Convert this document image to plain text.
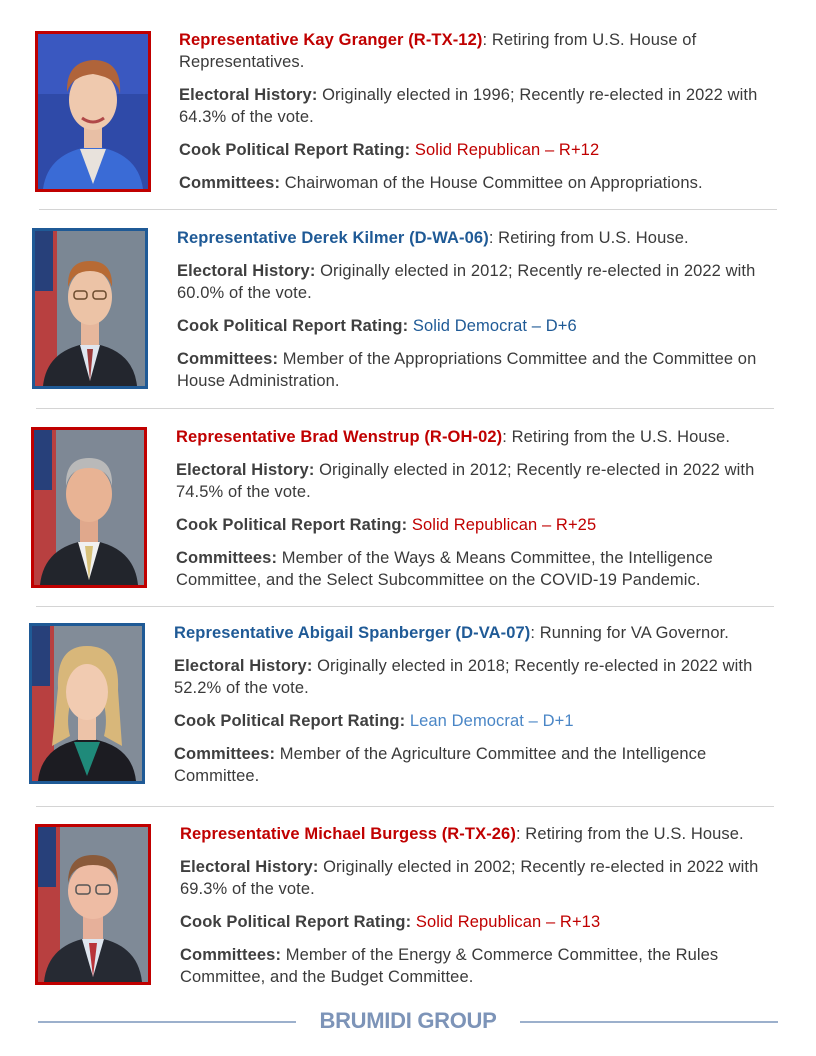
Representative Kay Granger (R-TX-12): Retiring from U.S. House of Representatives.

Electoral History: Originally elected in 1996; Recently re-elected in 2022 with 64.3% of the vote.

Cook Political Report Rating: Solid Republican – R+12

Committees: Chairwoman of the House Committee on Appropriations.

Representative Derek Kilmer (D-WA-06): Retiring from U.S. House.

Electoral History: Originally elected in 2012; Recently re-elected in 2022 with 60.0% of the vote.

Cook Political Report Rating: Solid Democrat – D+6

Committees: Member of the Appropriations Committee and the Committee on House Administration.

Representative Brad Wenstrup (R-OH-02): Retiring from the U.S. House.

Electoral History: Originally elected in 2012; Recently re-elected in 2022 with 74.5% of the vote.

Cook Political Report Rating: Solid Republican – R+25

Committees: Member of the Ways & Means Committee, the Intelligence Committee, and the Select Subcommittee on the COVID-19 Pandemic.

Representative Abigail Spanberger (D-VA-07): Running for VA Governor.

Electoral History: Originally elected in 2018; Recently re-elected in 2022 with 52.2% of the vote.

Cook Political Report Rating: Lean Democrat – D+1

Committees: Member of the Agriculture Committee and the Intelligence Committee.

Representative Michael Burgess (R-TX-26): Retiring from the U.S. House.

Electoral History: Originally elected in 2002; Recently re-elected in 2022 with 69.3% of the vote.

Cook Political Report Rating: Solid Republican – R+13

Committees: Member of the Energy & Commerce Committee, the Rules Committee, and the Budget Committee.

BRUMIDI GROUP
